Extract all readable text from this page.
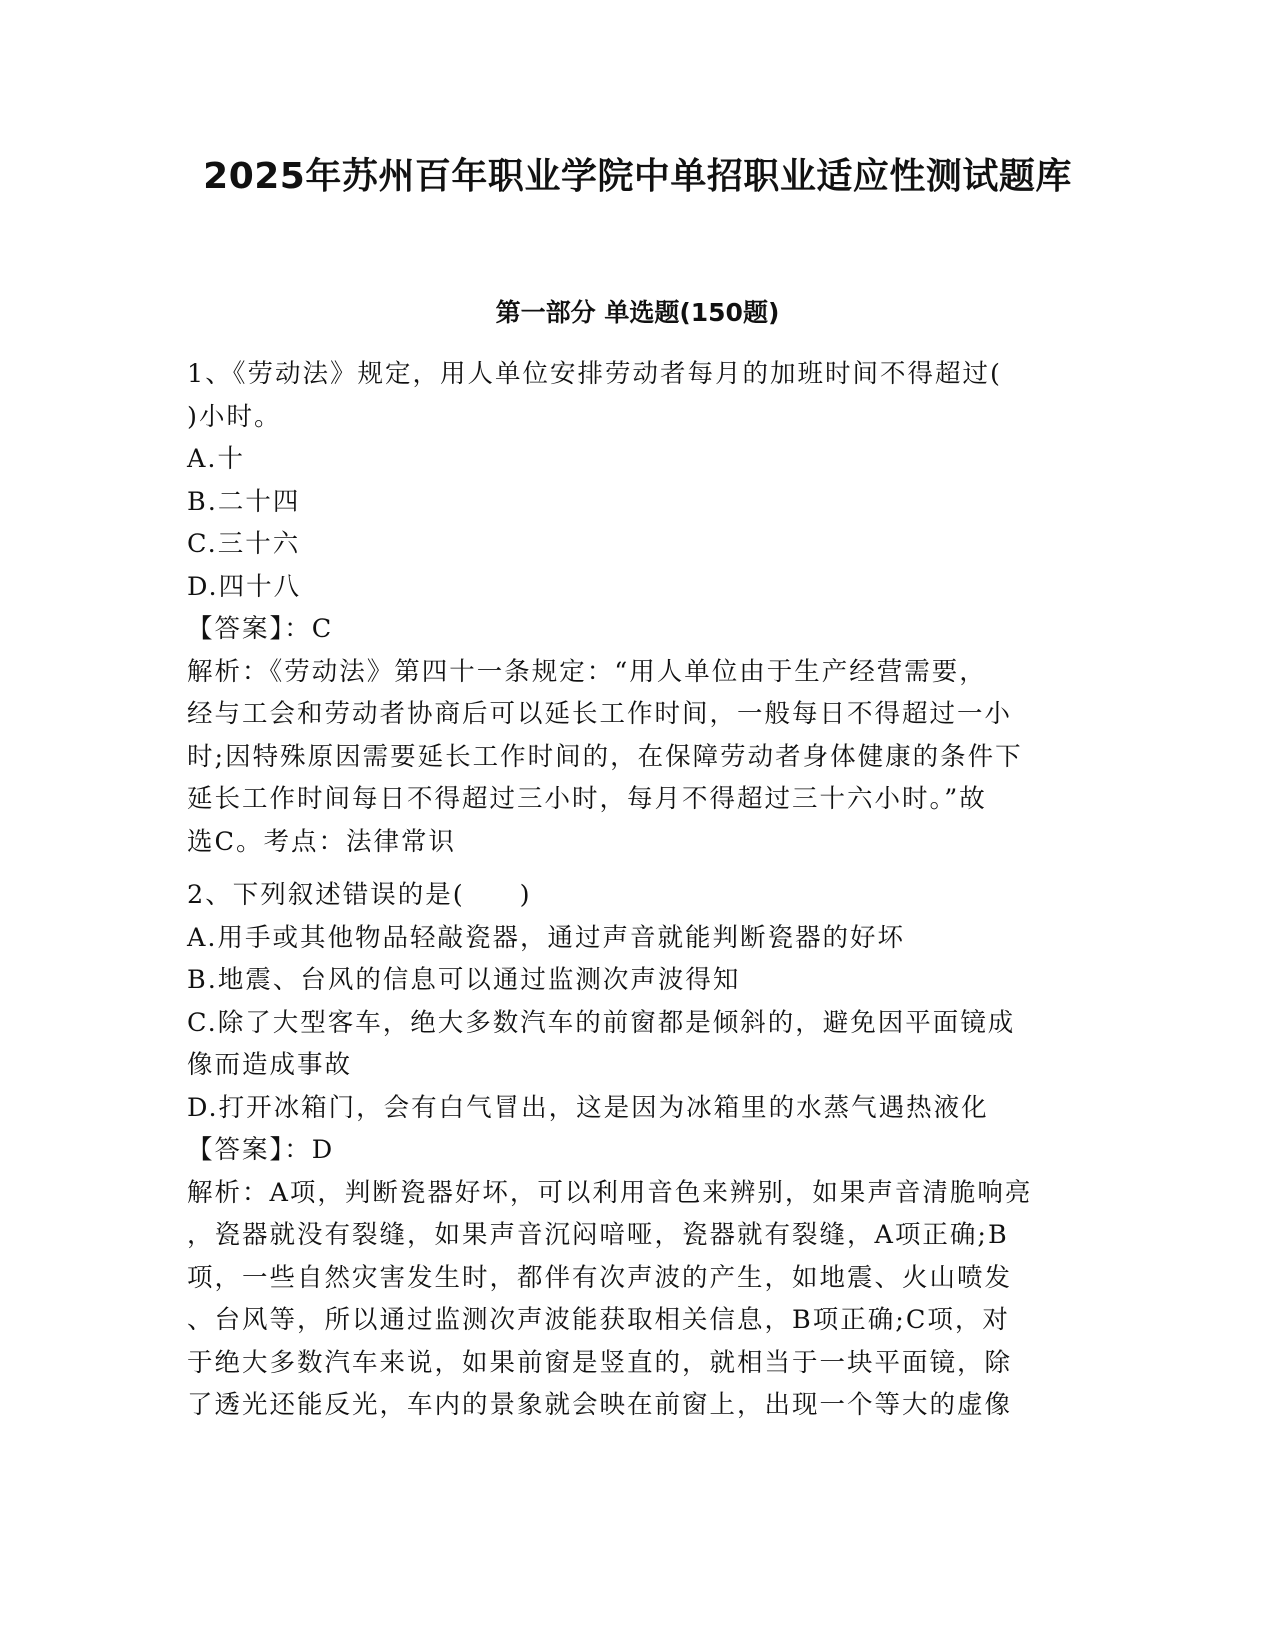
2025年苏州百年职业学院中单招职业适应性测试题库
第一部分 单选题(150题)
1、《劳动法》规定，用人单位安排劳动者每月的加班时间不得超过(
)小时。
A.十
B.二十四
C.三十六
D.四十八
【答案】：C
解析：《劳动法》第四十一条规定：“用人单位由于生产经营需要，
经与工会和劳动者协商后可以延长工作时间，一般每日不得超过一小
时;因特殊原因需要延长工作时间的，在保障劳动者身体健康的条件下
延长工作时间每日不得超过三小时，每月不得超过三十六小时。”故
选C。考点：法律常识
2、下列叙述错误的是(　　)
A.用手或其他物品轻敲瓷器，通过声音就能判断瓷器的好坏
B.地震、台风的信息可以通过监测次声波得知
C.除了大型客车，绝大多数汽车的前窗都是倾斜的，避免因平面镜成
像而造成事故
D.打开冰箱门，会有白气冒出，这是因为冰箱里的水蒸气遇热液化
【答案】：D
解析：A项，判断瓷器好坏，可以利用音色来辨别，如果声音清脆响亮
，瓷器就没有裂缝，如果声音沉闷喑哑，瓷器就有裂缝，A项正确;B
项，一些自然灾害发生时，都伴有次声波的产生，如地震、火山喷发
、台风等，所以通过监测次声波能获取相关信息，B项正确;C项，对
于绝大多数汽车来说，如果前窗是竖直的，就相当于一块平面镜，除
了透光还能反光，车内的景象就会映在前窗上，出现一个等大的虚像
